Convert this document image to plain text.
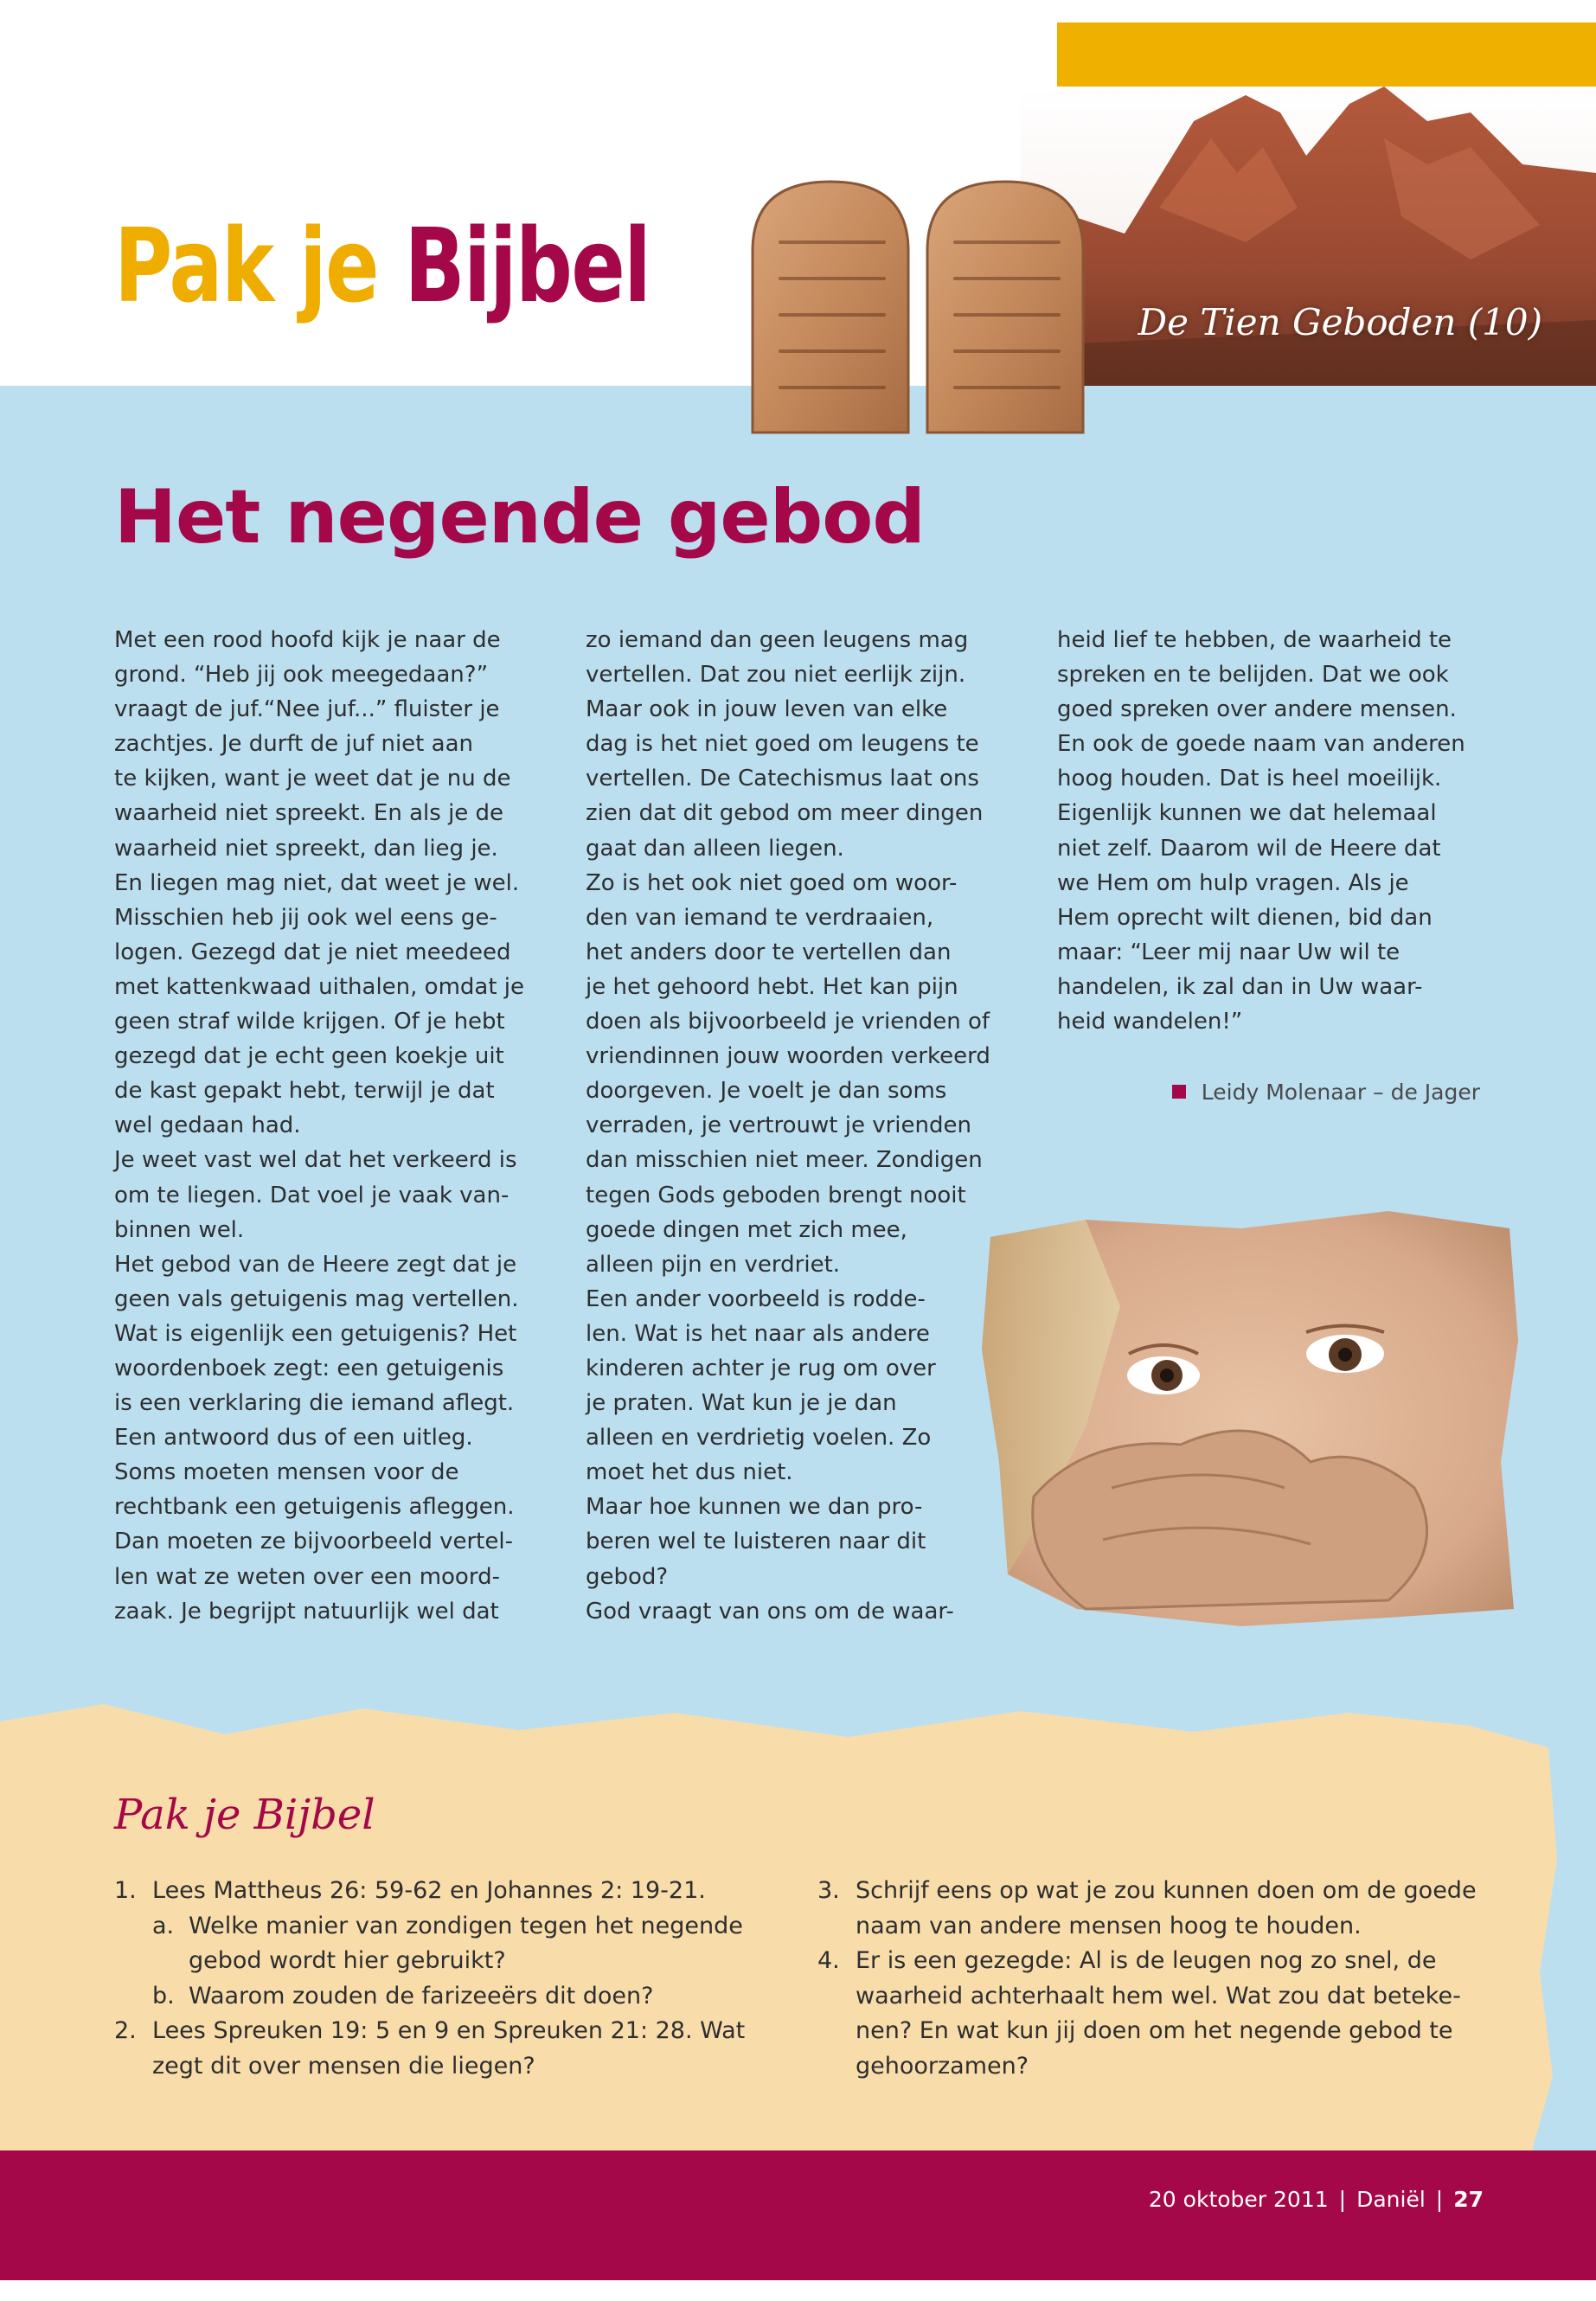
De Tien Geboden (10)
Pak je Bijbel
Het negende gebod
Met een rood hoofd kijk je naar de
grond. “Heb jij ook meegedaan?”
vraagt de juf.“Nee juf...” fluister je
zachtjes. Je durft de juf niet aan
te kijken, want je weet dat je nu de
waarheid niet spreekt. En als je de
waarheid niet spreekt, dan lieg je.
En liegen mag niet, dat weet je wel.
Misschien heb jij ook wel eens ge-
logen. Gezegd dat je niet meedeed
met kattenkwaad uithalen, omdat je
geen straf wilde krijgen. Of je hebt
gezegd dat je echt geen koekje uit
de kast gepakt hebt, terwijl je dat
wel gedaan had.
Je weet vast wel dat het verkeerd is
om te liegen. Dat voel je vaak van-
binnen wel.
Het gebod van de Heere zegt dat je
geen vals getuigenis mag vertellen.
Wat is eigenlijk een getuigenis? Het
woordenboek zegt: een getuigenis
is een verklaring die iemand aflegt.
Een antwoord dus of een uitleg.
Soms moeten mensen voor de
rechtbank een getuigenis afleggen.
Dan moeten ze bijvoorbeeld vertel-
len wat ze weten over een moord-
zaak. Je begrijpt natuurlijk wel dat
zo iemand dan geen leugens mag
vertellen. Dat zou niet eerlijk zijn.
Maar ook in jouw leven van elke
dag is het niet goed om leugens te
vertellen. De Catechismus laat ons
zien dat dit gebod om meer dingen
gaat dan alleen liegen.
Zo is het ook niet goed om woor-
den van iemand te verdraaien,
het anders door te vertellen dan
je het gehoord hebt. Het kan pijn
doen als bijvoorbeeld je vrienden of
vriendinnen jouw woorden verkeerd
doorgeven. Je voelt je dan soms
verraden, je vertrouwt je vrienden
dan misschien niet meer. Zondigen
tegen Gods geboden brengt nooit
goede dingen met zich mee,
alleen pijn en verdriet.
Een ander voorbeeld is rodde-
len. Wat is het naar als andere
kinderen achter je rug om over
je praten. Wat kun je je dan
alleen en verdrietig voelen. Zo
moet het dus niet.
Maar hoe kunnen we dan pro-
beren wel te luisteren naar dit
gebod?
God vraagt van ons om de waar-
heid lief te hebben, de waarheid te
spreken en te belijden. Dat we ook
goed spreken over andere mensen.
En ook de goede naam van anderen
hoog houden. Dat is heel moeilijk.
Eigenlijk kunnen we dat helemaal
niet zelf. Daarom wil de Heere dat
we Hem om hulp vragen. Als je
Hem oprecht wilt dienen, bid dan
maar: “Leer mij naar Uw wil te
handelen, ik zal dan in Uw waar-
heid wandelen!”
Leidy Molenaar – de Jager
Pak je Bijbel
1. Lees Mattheus 26: 59-62 en Johannes 2: 19-21.
a. Welke manier van zondigen tegen het negende gebod wordt hier gebruikt?
b. Waarom zouden de farizeeërs dit doen?
2. Lees Spreuken 19: 5 en 9 en Spreuken 21: 28. Wat zegt dit over mensen die liegen?
3. Schrijf eens op wat je zou kunnen doen om de goede naam van andere mensen hoog te houden.
4. Er is een gezegde: Al is de leugen nog zo snel, de waarheid achterhaalt hem wel. Wat zou dat beteke-nen? En wat kun jij doen om het negende gebod te gehoorzamen?
20 oktober 2011 | Daniël | 27
